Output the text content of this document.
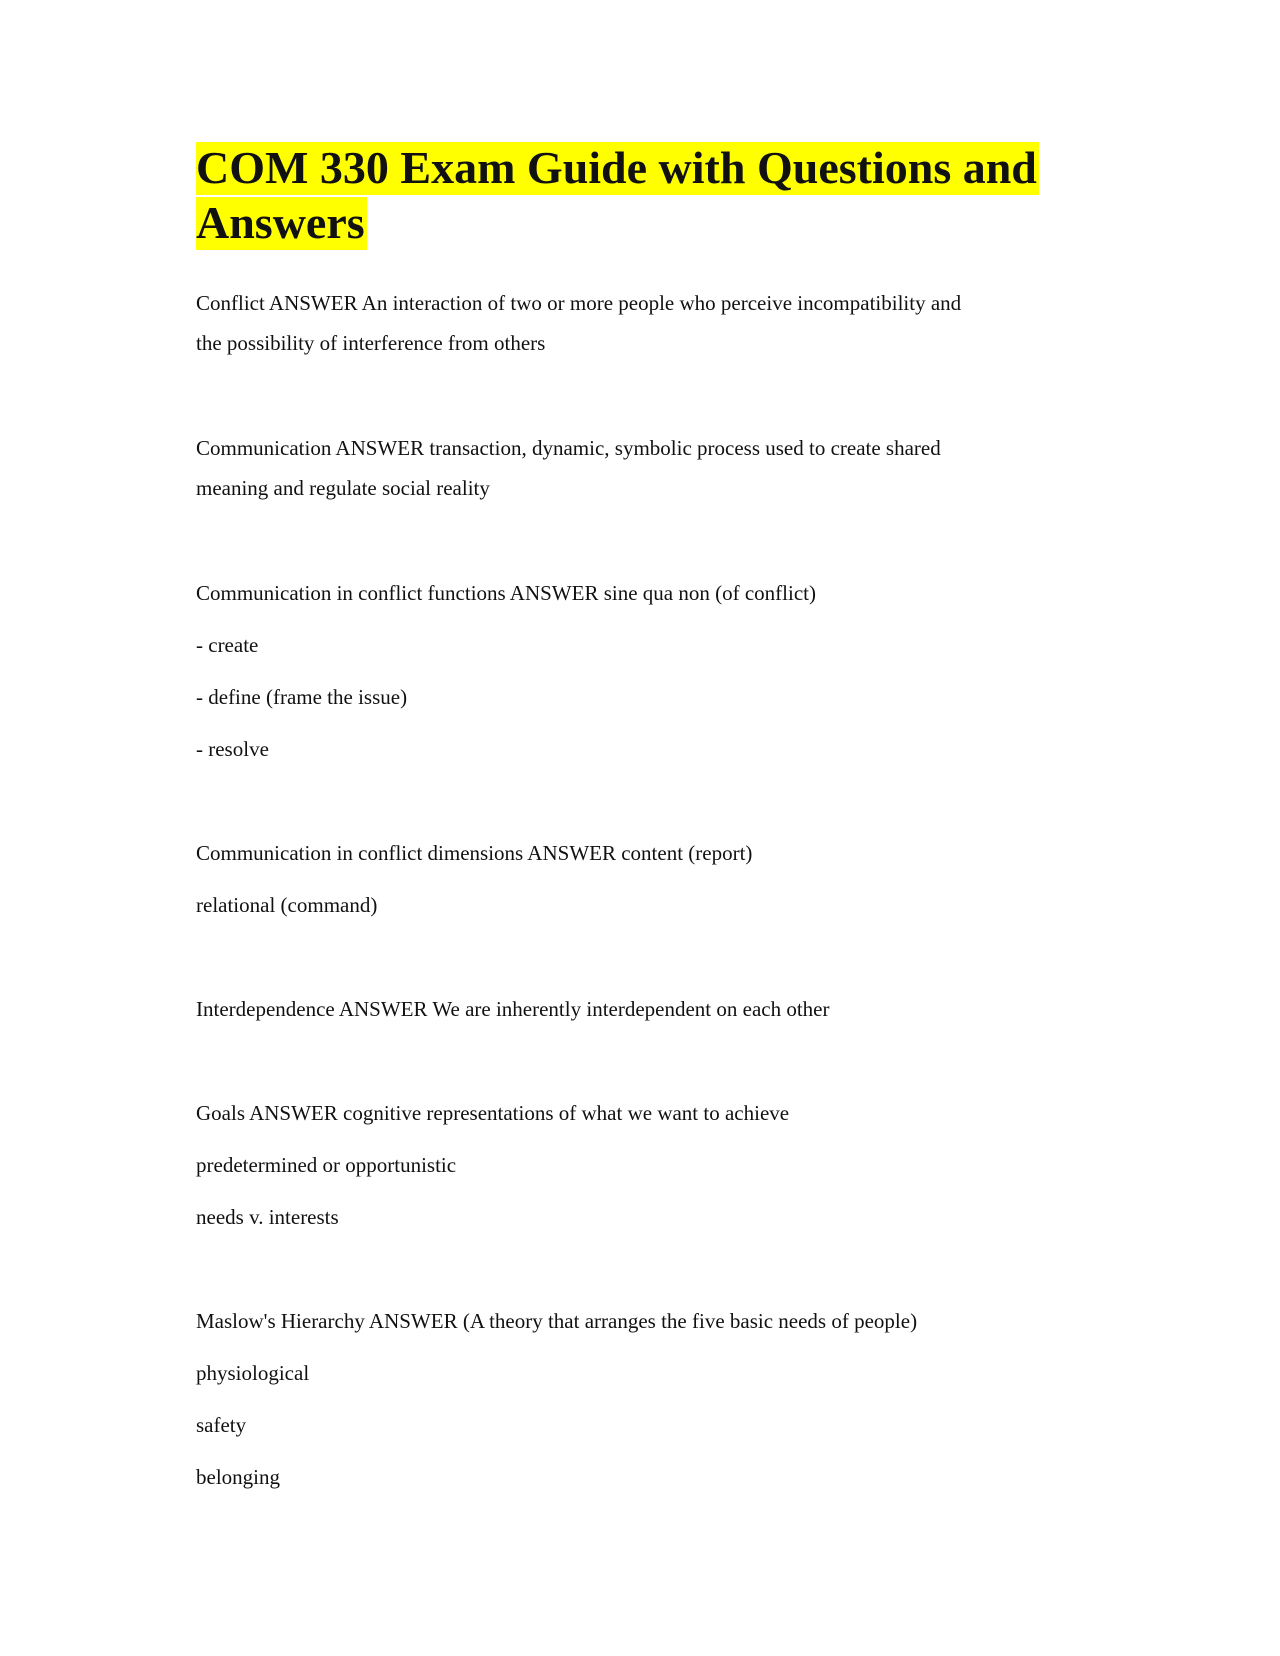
COM 330 Exam Guide with Questions and Answers

Conflict ANSWER An interaction of two or more people who perceive incompatibility and

the possibility of interference from others

Communication ANSWER transaction, dynamic, symbolic process used to create shared

meaning and regulate social reality

Communication in conflict functions ANSWER sine qua non (of conflict)

- create

- define (frame the issue)

- resolve

Communication in conflict dimensions ANSWER content (report)

relational (command)

Interdependence ANSWER We are inherently interdependent on each other

Goals ANSWER cognitive representations of what we want to achieve

predetermined or opportunistic

needs v. interests

Maslow's Hierarchy ANSWER (A theory that arranges the five basic needs of people)

physiological

safety

belonging
